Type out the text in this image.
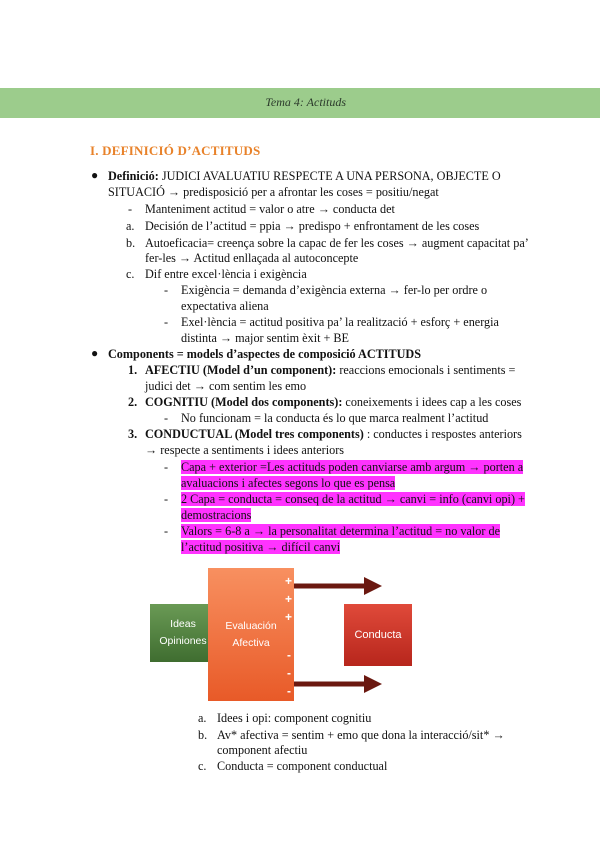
Tema 4: Actituds
I. DEFINICIÓ D’ACTITUDS
● Definició: JUDICI AVALUATIU RESPECTE A UNA PERSONA, OBJECTE O
SITUACIÓ → predisposició per a afrontar les coses = positiu/negat
- Manteniment actitud = valor o atre → conducta det
a. Decisión de l’actitud = ppia → predispo + enfrontament de les coses
b. Autoeficacia= creença sobre la capac de fer les coses → augment capacitat pa’
fer-les → Actitud enllaçada al autoconcepte
c. Dif entre excel·lència i exigència
- Exigència = demanda d’exigència externa → fer-lo per ordre o
expectativa aliena
- Exel·lència = actitud positiva pa’ la realització + esforç + energia
distinta → major sentim èxit + BE
● Components = models d’aspectes de composició ACTITUDS
1. AFECTIU (Model d’un component): reaccions emocionals i sentiments =
judici det → com sentim les emo
2. COGNITIU (Model dos components): coneixements i idees cap a les coses
- No funcionam = la conducta és lo que marca realment l’actitud
3. CONDUCTUAL (Model tres components) : conductes i respostes anteriors
→ respecte a sentiments i idees anteriors
- Capa + exterior =Les actituds poden canviarse amb argum → porten a
avaluacions i afectes segons lo que es pensa
- 2 Capa = conducta = conseq de la actitud → canvi = info (canvi opi) +
demostracions
- Valors = 6-8 a → la personalitat determina l’actitud = no valor de
l’actitud positiva → difícil canvi
Ideas
Opiniones
Evaluación
Afectiva
+
+
+
-
-
-
Conducta
a. Idees i opi: component cognitiu
b. Av* afectiva = sentim + emo que dona la interacció/sit* →
component afectiu
c. Conducta = component conductual
